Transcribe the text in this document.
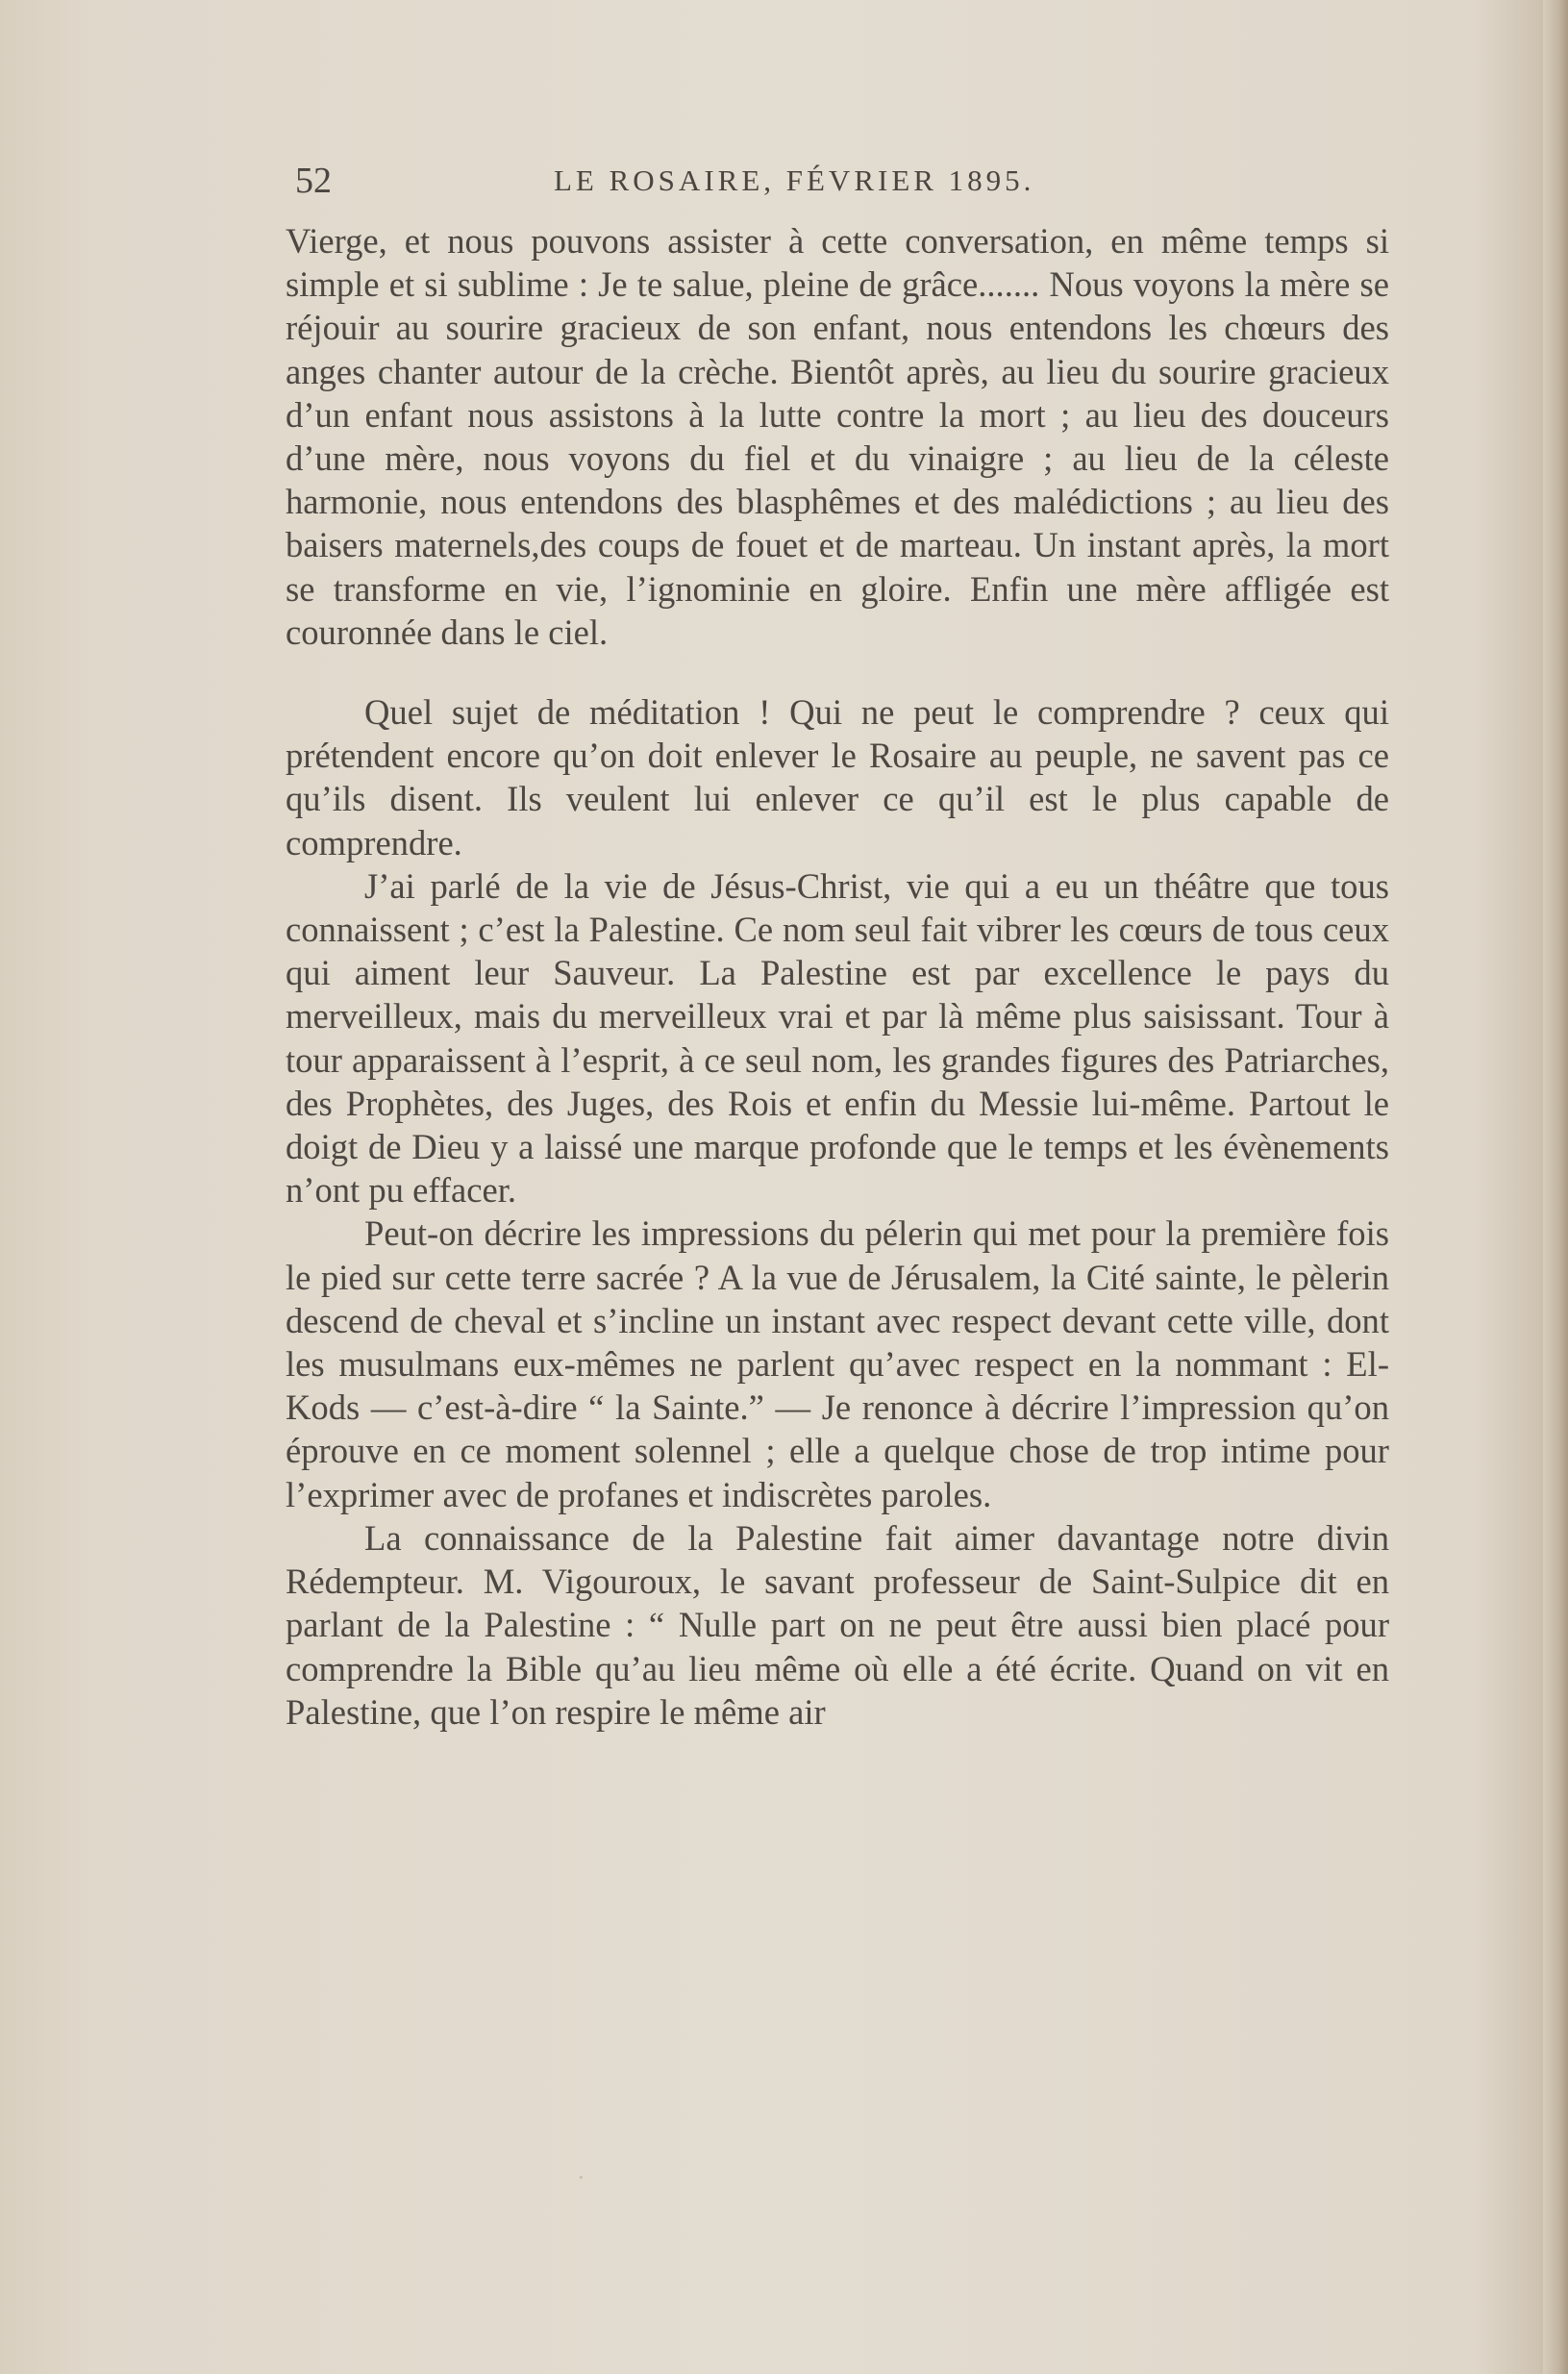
52	LE ROSAIRE, FÉVRIER 1895.

Vierge, et nous pouvons assister à cette conversation, en même temps si simple et si sublime : Je te salue, pleine de grâce....... Nous voyons la mère se réjouir au sourire gracieux de son enfant, nous entendons les chœurs des anges chanter autour de la crèche. Bientôt après, au lieu du sourire gracieux d’un enfant nous assistons à la lutte contre la mort ; au lieu des douceurs d’une mère, nous voyons du fiel et du vinaigre ; au lieu de la céleste harmonie, nous entendons des blasphêmes et des malédictions ; au lieu des baisers maternels,des coups de fouet et de marteau. Un instant après, la mort se transforme en vie, l’ignominie en gloire. Enfin une mère affligée est couronnée dans le ciel.

Quel sujet de méditation ! Qui ne peut le comprendre ? ceux qui prétendent encore qu’on doit enlever le Rosaire au peuple, ne savent pas ce qu’ils disent. Ils veulent lui enlever ce qu’il est le plus capable de comprendre.

J’ai parlé de la vie de Jésus-Christ, vie qui a eu un théâtre que tous connaissent ; c’est la Palestine. Ce nom seul fait vibrer les cœurs de tous ceux qui aiment leur Sauveur. La Palestine est par excellence le pays du merveilleux, mais du merveilleux vrai et par là même plus saisissant. Tour à tour apparaissent à l’esprit, à ce seul nom, les grandes figures des Patriarches, des Prophètes, des Juges, des Rois et enfin du Messie lui-même. Partout le doigt de Dieu y a laissé une marque profonde que le temps et les évènements n’ont pu effacer.

Peut-on décrire les impressions du pélerin qui met pour la première fois le pied sur cette terre sacrée ? A la vue de Jérusalem, la Cité sainte, le pèlerin descend de cheval et s’incline un instant avec respect devant cette ville, dont les musulmans eux-mêmes ne parlent qu’avec respect en la nommant : El-Kods — c’est-à-dire “ la Sainte.” — Je renonce à décrire l’impression qu’on éprouve en ce moment solennel ; elle a quelque chose de trop intime pour l’exprimer avec de profanes et indiscrètes paroles.

La connaissance de la Palestine fait aimer davantage notre divin Rédempteur. M. Vigouroux, le savant professeur de Saint-Sulpice dit en parlant de la Palestine : “ Nulle part on ne peut être aussi bien placé pour comprendre la Bible qu’au lieu même où elle a été écrite. Quand on vit en Palestine, que l’on respire le même air

·
